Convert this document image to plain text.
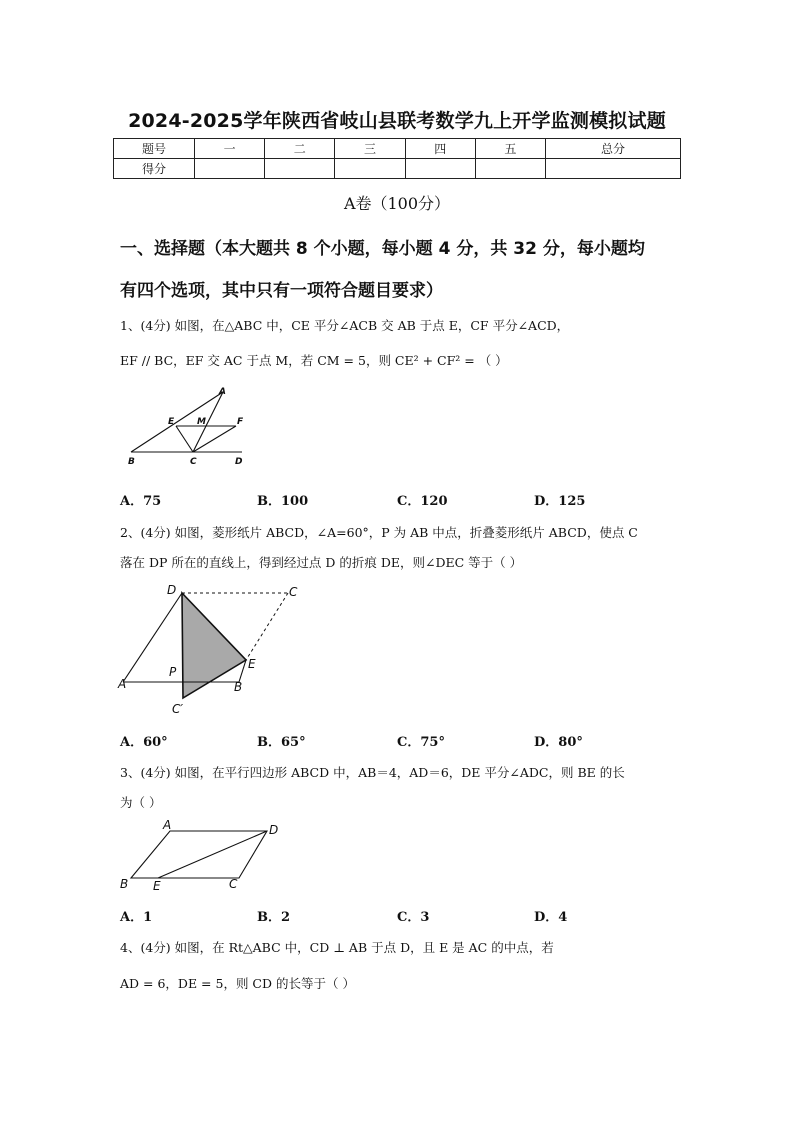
2024-2025学年陕西省岐山县联考数学九上开学监测模拟试题
题号	一	二	三	四	五	总分
得分						
A卷（100分）
一、选择题（本大题共 8 个小题，每小题 4 分，共 32 分，每小题均
有四个选项，其中只有一项符合题目要求）
1、(4分) 如图，在△ABC 中，CE 平分∠ACB 交 AB 于点 E，CF 平分∠ACD，
EF // BC，EF 交 AC 于点 M，若 CM = 5，则 CE² + CF² = （ ）
A
E	M	F
B	C	D
A．75	B．100	C．120	D．125
2、(4分) 如图，菱形纸片 ABCD，∠A=60°，P 为 AB 中点，折叠菱形纸片 ABCD，使点 C
落在 DP 所在的直线上，得到经过点 D 的折痕 DE，则∠DEC 等于（ ）
D	C
E
P
A	B
C′
A．60°	B．65°	C．75°	D．80°
3、(4分) 如图，在平行四边形 ABCD 中，AB＝4，AD＝6，DE 平分∠ADC，则 BE 的长
为（ ）
A	D
B E	C
A．1	B．2	C．3	D．4
4、(4分) 如图，在 Rt△ABC 中，CD ⊥ AB 于点 D，且 E 是 AC 的中点，若
AD = 6，DE = 5，则 CD 的长等于（ ）
